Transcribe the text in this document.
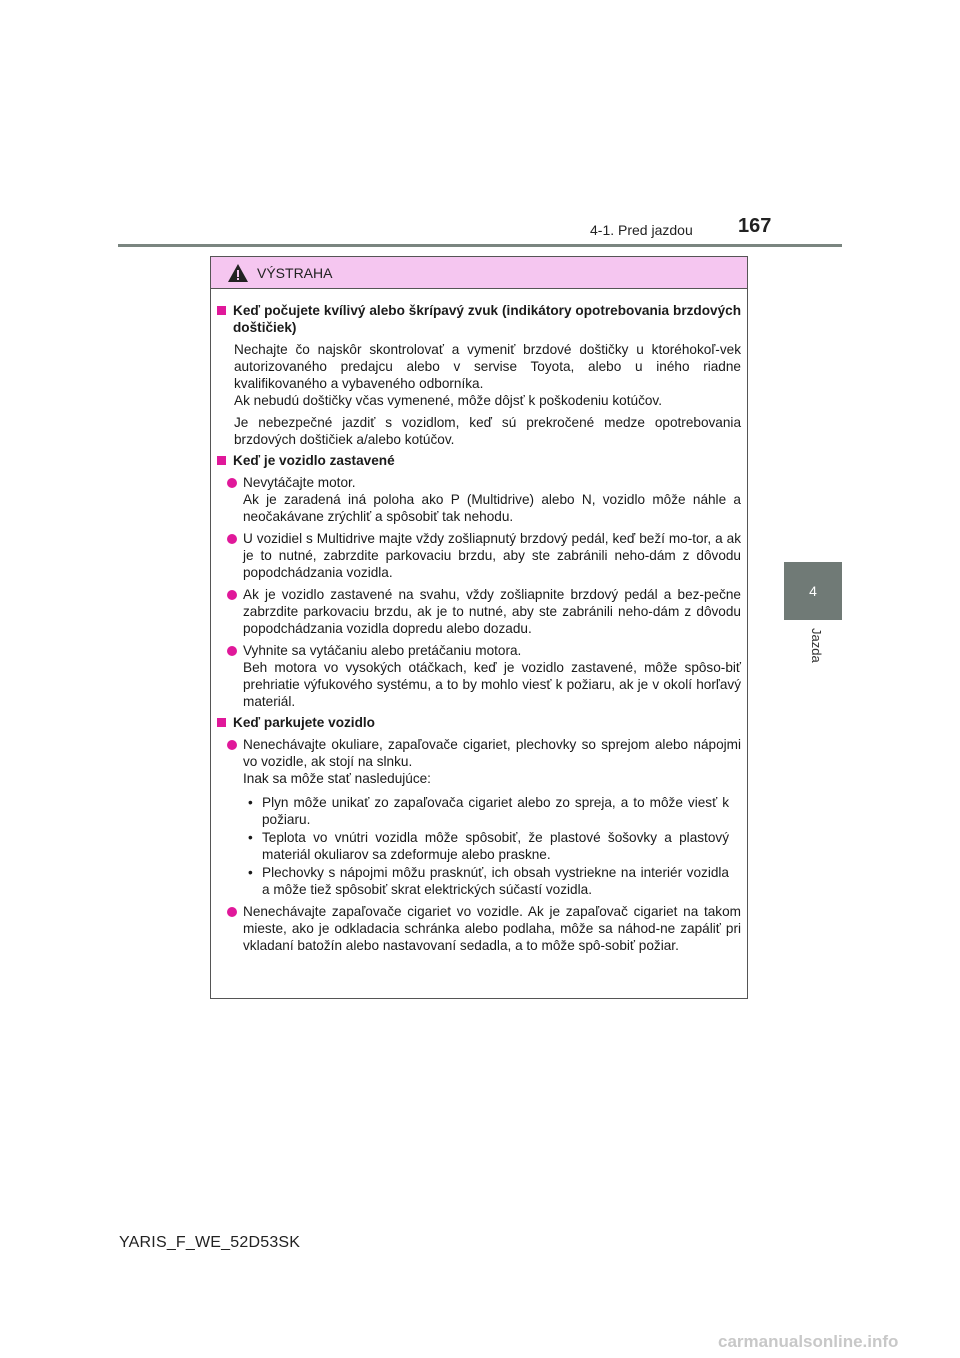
4-1. Pred jazdou 167
4
Jazda
VÝSTRAHA
Keď počujete kvílivý alebo škrípavý zvuk (indikátory opotrebovania brzdových doštičiek)
Nechajte čo najskôr skontrolovať a vymeniť brzdové doštičky u ktoréhokoľ-vek autorizovaného predajcu alebo v servise Toyota, alebo u iného riadne kvalifikovaného a vybaveného odborníka.
Ak nebudú doštičky včas vymenené, môže dôjsť k poškodeniu kotúčov.
Je nebezpečné jazdiť s vozidlom, keď sú prekročené medze opotrebovania brzdových doštičiek a/alebo kotúčov.
Keď je vozidlo zastavené
Nevytáčajte motor.
Ak je zaradená iná poloha ako P (Multidrive) alebo N, vozidlo môže náhle a neočakávane zrýchliť a spôsobiť tak nehodu.
U vozidiel s Multidrive majte vždy zošliapnutý brzdový pedál, keď beží mo-tor, a ak je to nutné, zabrzdite parkovaciu brzdu, aby ste zabránili neho-dám z dôvodu popodchádzania vozidla.
Ak je vozidlo zastavené na svahu, vždy zošliapnite brzdový pedál a bez-pečne zabrzdite parkovaciu brzdu, ak je to nutné, aby ste zabránili neho-dám z dôvodu popodchádzania vozidla dopredu alebo dozadu.
Vyhnite sa vytáčaniu alebo pretáčaniu motora.
Beh motora vo vysokých otáčkach, keď je vozidlo zastavené, môže spôso-biť prehriatie výfukového systému, a to by mohlo viesť k požiaru, ak je v okolí horľavý materiál.
Keď parkujete vozidlo
Nenechávajte okuliare, zapaľovače cigariet, plechovky so sprejom alebo nápojmi vo vozidle, ak stojí na slnku.
Inak sa môže stať nasledujúce:
• Plyn môže unikať zo zapaľovača cigariet alebo zo spreja, a to môže viesť k požiaru.
• Teplota vo vnútri vozidla môže spôsobiť, že plastové šošovky a plastový materiál okuliarov sa zdeformuje alebo praskne.
• Plechovky s nápojmi môžu prasknúť, ich obsah vystriekne na interiér vozidla a môže tiež spôsobiť skrat elektrických súčastí vozidla.
Nenechávajte zapaľovače cigariet vo vozidle. Ak je zapaľovač cigariet na takom mieste, ako je odkladacia schránka alebo podlaha, môže sa náhod-ne zapáliť pri vkladaní batožín alebo nastavovaní sedadla, a to môže spô-sobiť požiar.
YARIS_F_WE_52D53SK
carmanualsonline.info
